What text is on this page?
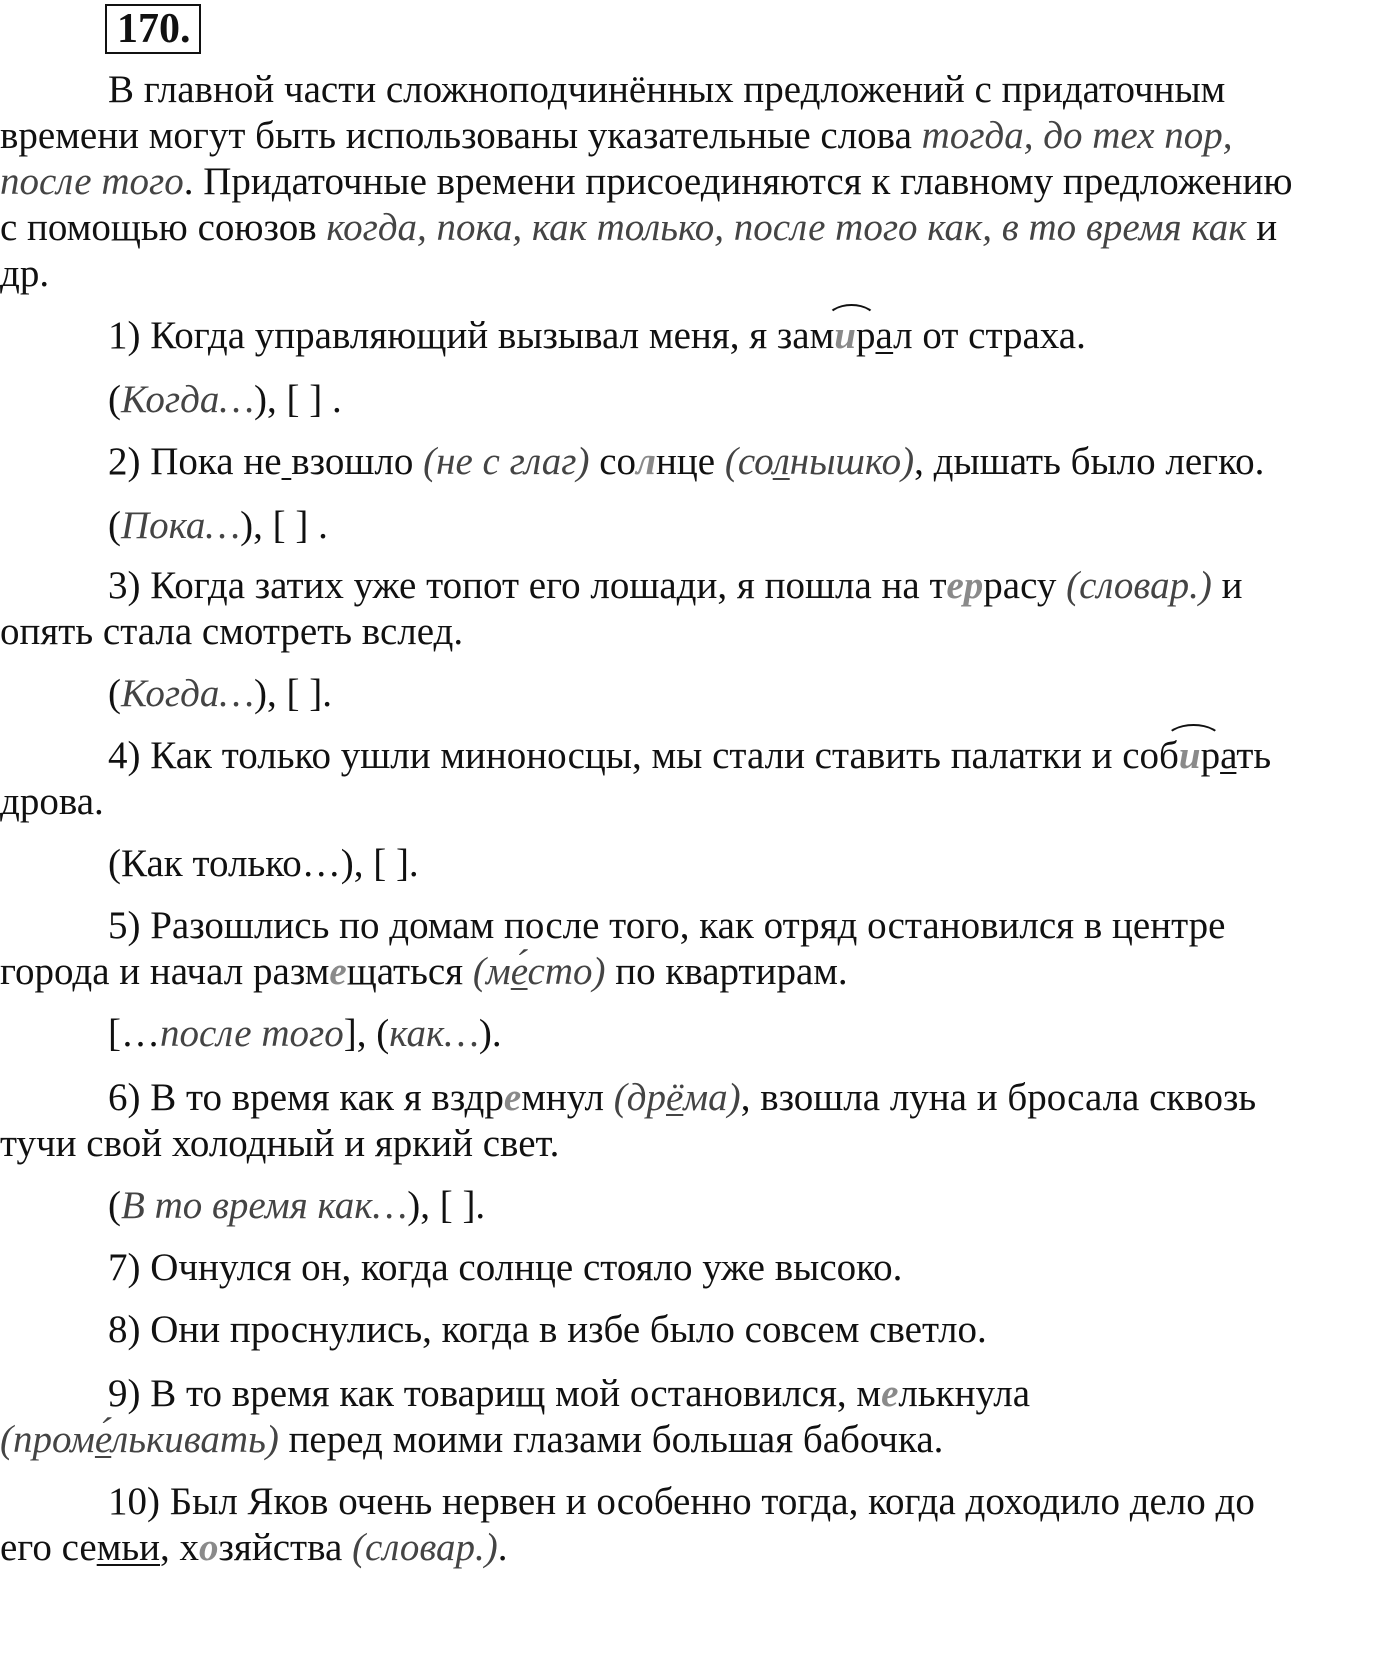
170.
В главной части сложноподчинённых предложений с придаточным
времени могут быть использованы указательные слова тогда, до тех пор,
после того. Придаточные времени присоединяются к главному предложению
с помощью союзов когда, пока, как только, после того как, в то время как и
др.
1) Когда управляющий вызывал меня, я зам
ирал от страха.
(Когда…), [ ] .
2) Пока не взошло (не с глаг) солнце (солнышко), дышать было легко.
(Пока…), [ ] .
3) Когда затих уже топот его лошади, я пошла на террасу (словар.) и
опять стала смотреть вслед.
(Когда…), [ ].
4) Как только ушли миноносцы, мы стали ставить палатки и соб
ирать
дрова.
(Как только…), [ ].
5) Разошлись по домам после того, как отряд остановился в центре
города и начал размещаться (ме́сто) по квартирам.
[…после того], (как…).
6) В то время как я вздремнул (дрёма), взошла луна и бросала сквозь
тучи свой холодный и яркий свет.
(В то время как…), [ ].
7) Очнулся он, когда солнце стояло уже высоко.
8) Они проснулись, когда в избе было совсем светло.
9) В то время как товарищ мой остановился, мелькнула
(проме́лькивать) перед моими глазами большая бабочка.
10) Был Яков очень нервен и особенно тогда, когда доходило дело до
его семьи, хозяйства (словар.).
